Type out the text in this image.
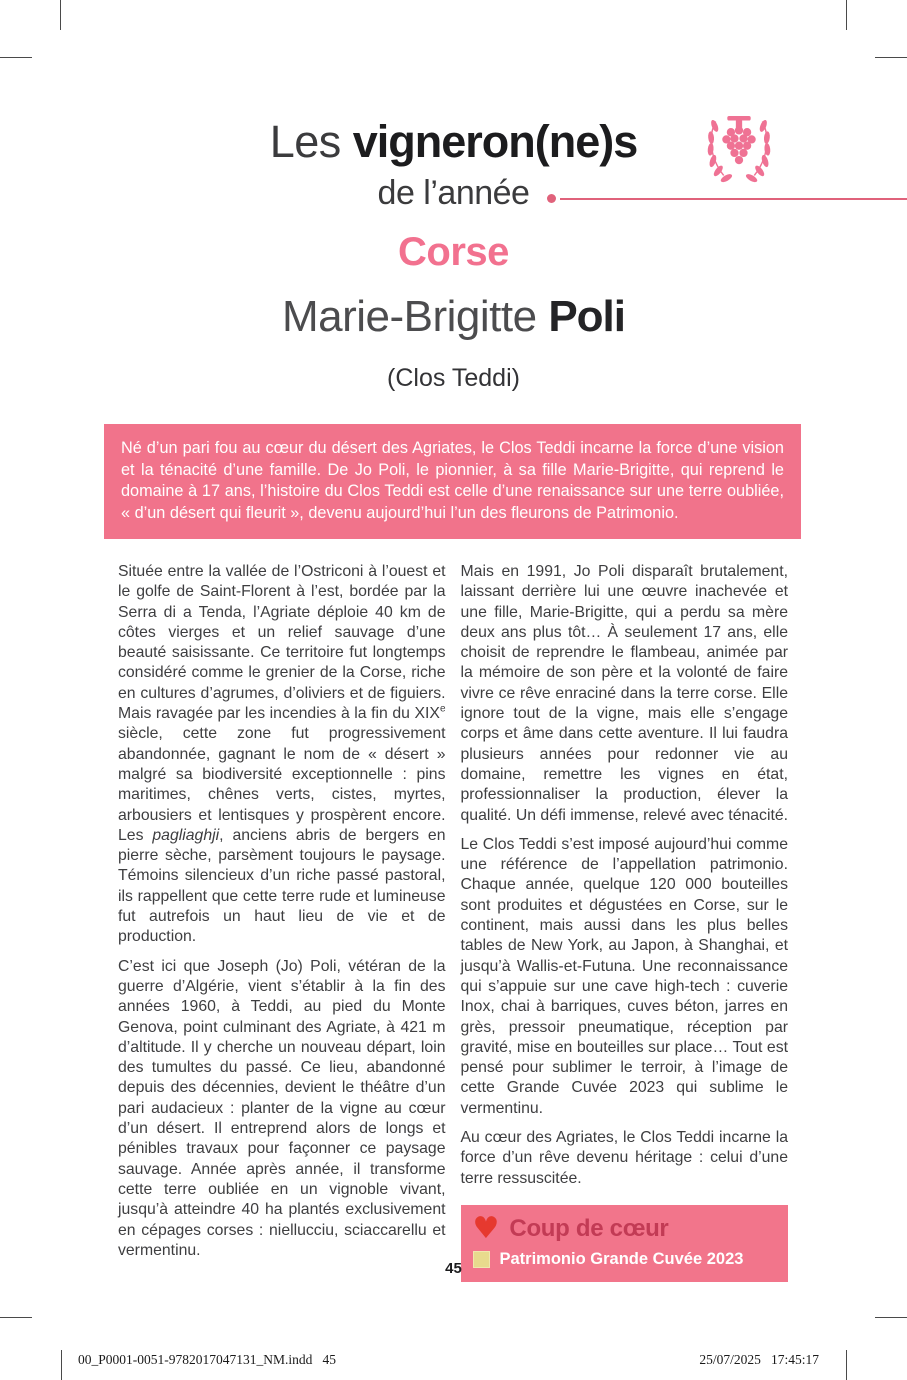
Les vigneron(ne)s
de l’année
Corse
Marie-Brigitte Poli
(Clos Teddi)
Né d’un pari fou au cœur du désert des Agriates, le Clos Teddi incarne la force d’une vision et la ténacité d’une famille. De Jo Poli, le pionnier, à sa fille Marie-Brigitte, qui reprend le domaine à 17 ans, l’histoire du Clos Teddi est celle d’une renaissance sur une terre oubliée, « d’un désert qui fleurit », devenu aujourd’hui l’un des fleurons de Patrimonio.

Située entre la vallée de l’Ostriconi à l’ouest et le golfe de Saint-Florent à l’est, bordée par la Serra di a Tenda, l’Agriate déploie 40 km de côtes vierges et un relief sauvage d’une beauté saisissante. Ce territoire fut longtemps considéré comme le grenier de la Corse, riche en cultures d’agrumes, d’oliviers et de figuiers. Mais ravagée par les incendies à la fin du XIXe siècle, cette zone fut progressivement abandonnée, gagnant le nom de « désert » malgré sa biodiversité exceptionnelle : pins maritimes, chênes verts, cistes, myrtes, arbousiers et lentisques y prospèrent encore. Les pagliaghji, anciens abris de bergers en pierre sèche, parsèment toujours le paysage. Témoins silencieux d’un riche passé pastoral, ils rappellent que cette terre rude et lumineuse fut autrefois un haut lieu de vie et de production.

C’est ici que Joseph (Jo) Poli, vétéran de la guerre d’Algérie, vient s’établir à la fin des années 1960, à Teddi, au pied du Monte Genova, point culminant des Agriate, à 421 m d’altitude. Il y cherche un nouveau départ, loin des tumultes du passé. Ce lieu, abandonné depuis des décennies, devient le théâtre d’un pari audacieux : planter de la vigne au cœur d’un désert. Il entreprend alors de longs et pénibles travaux pour façonner ce paysage sauvage. Année après année, il transforme cette terre oubliée en un vignoble vivant, jusqu’à atteindre 40 ha plantés exclusivement en cépages corses : niellucciu, sciaccarellu et vermentinu.

Mais en 1991, Jo Poli disparaît brutalement, laissant derrière lui une œuvre inachevée et une fille, Marie-Brigitte, qui a perdu sa mère deux ans plus tôt… À seulement 17 ans, elle choisit de reprendre le flambeau, animée par la mémoire de son père et la volonté de faire vivre ce rêve enraciné dans la terre corse. Elle ignore tout de la vigne, mais elle s’engage corps et âme dans cette aventure. Il lui faudra plusieurs années pour redonner vie au domaine, remettre les vignes en état, professionnaliser la production, élever la qualité. Un défi immense, relevé avec ténacité.

Le Clos Teddi s’est imposé aujourd’hui comme une référence de l’appellation patrimonio. Chaque année, quelque 120 000 bouteilles sont produites et dégustées en Corse, sur le continent, mais aussi dans les plus belles tables de New York, au Japon, à Shanghai, et jusqu’à Wallis-et-Futuna. Une reconnaissance qui s’appuie sur une cave high-tech : cuverie Inox, chai à barriques, cuves béton, jarres en grès, pressoir pneumatique, réception par gravité, mise en bouteilles sur place… Tout est pensé pour sublimer le terroir, à l’image de cette Grande Cuvée 2023 qui sublime le vermentinu.

Au cœur des Agriates, le Clos Teddi incarne la force d’un rêve devenu héritage : celui d’une terre ressuscitée.

♥ Coup de cœur
Patrimonio Grande Cuvée 2023
45
00_P0001-0051-9782017047131_NM.indd   45	25/07/2025   17:45:17
